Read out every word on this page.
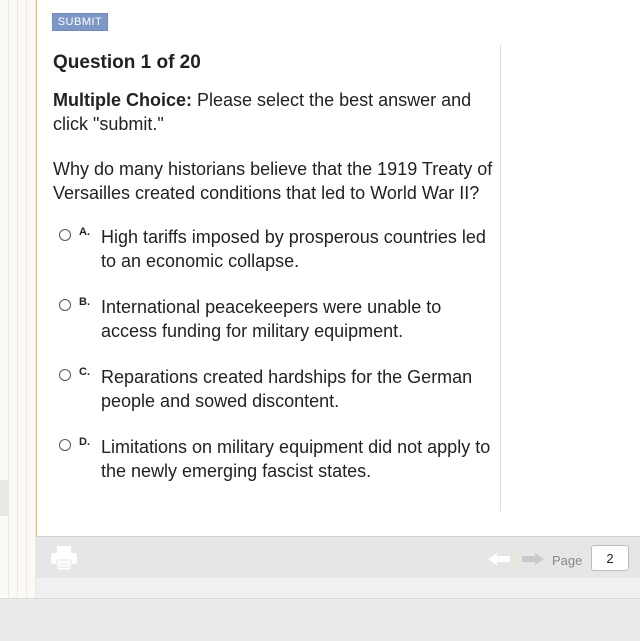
SUBMIT
Question 1 of 20
Multiple Choice: Please select the best answer and click "submit."
Why do many historians believe that the 1919 Treaty of Versailles created conditions that led to World War II?
A. High tariffs imposed by prosperous countries led to an economic collapse.
B. International peacekeepers were unable to access funding for military equipment.
C. Reparations created hardships for the German people and sowed discontent.
D. Limitations on military equipment did not apply to the newly emerging fascist states.
Page	2
